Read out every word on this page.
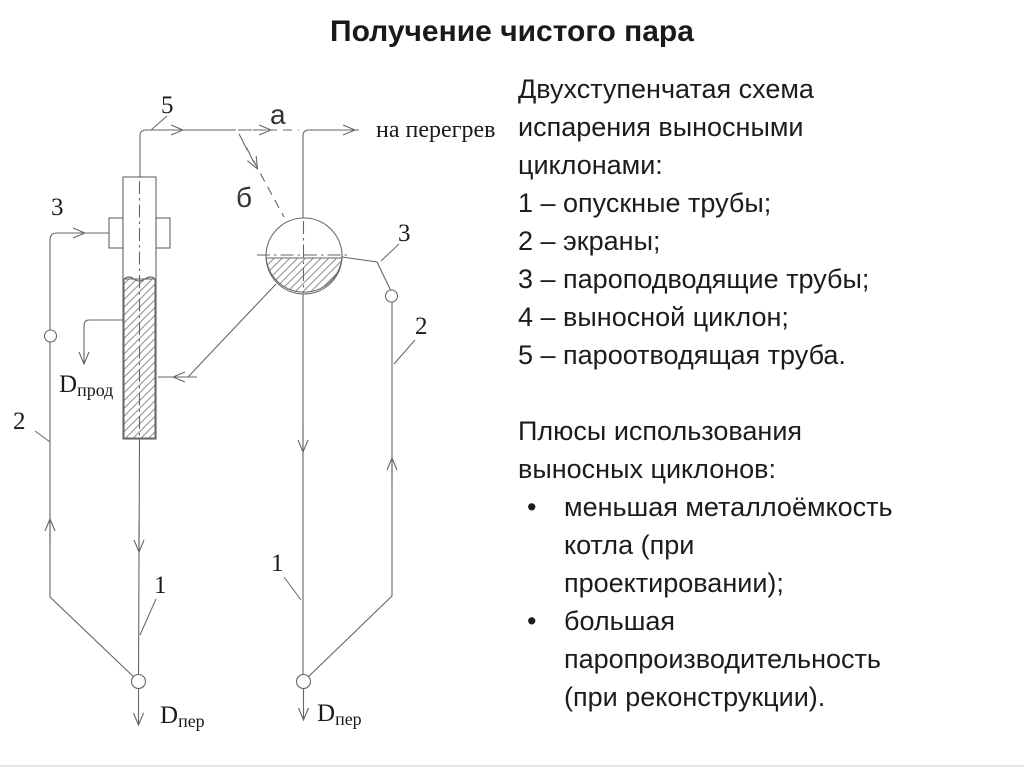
Получение чистого пара
5	а
б
3
2
1
3
2
1
на перегрев
Dпрод
Dпер	Dпер
Двухступенчатая схема
испарения выносными
циклонами:
1 – опускные трубы;
2 – экраны;
3 – пароподводящие трубы;
4 – выносной циклон;
5 – пароотводящая труба.
Плюсы использования
выносных циклонов:
•	меньшая металлоёмкость
котла (при
проектировании);
•	большая
паропроизводительность
(при реконструкции).
